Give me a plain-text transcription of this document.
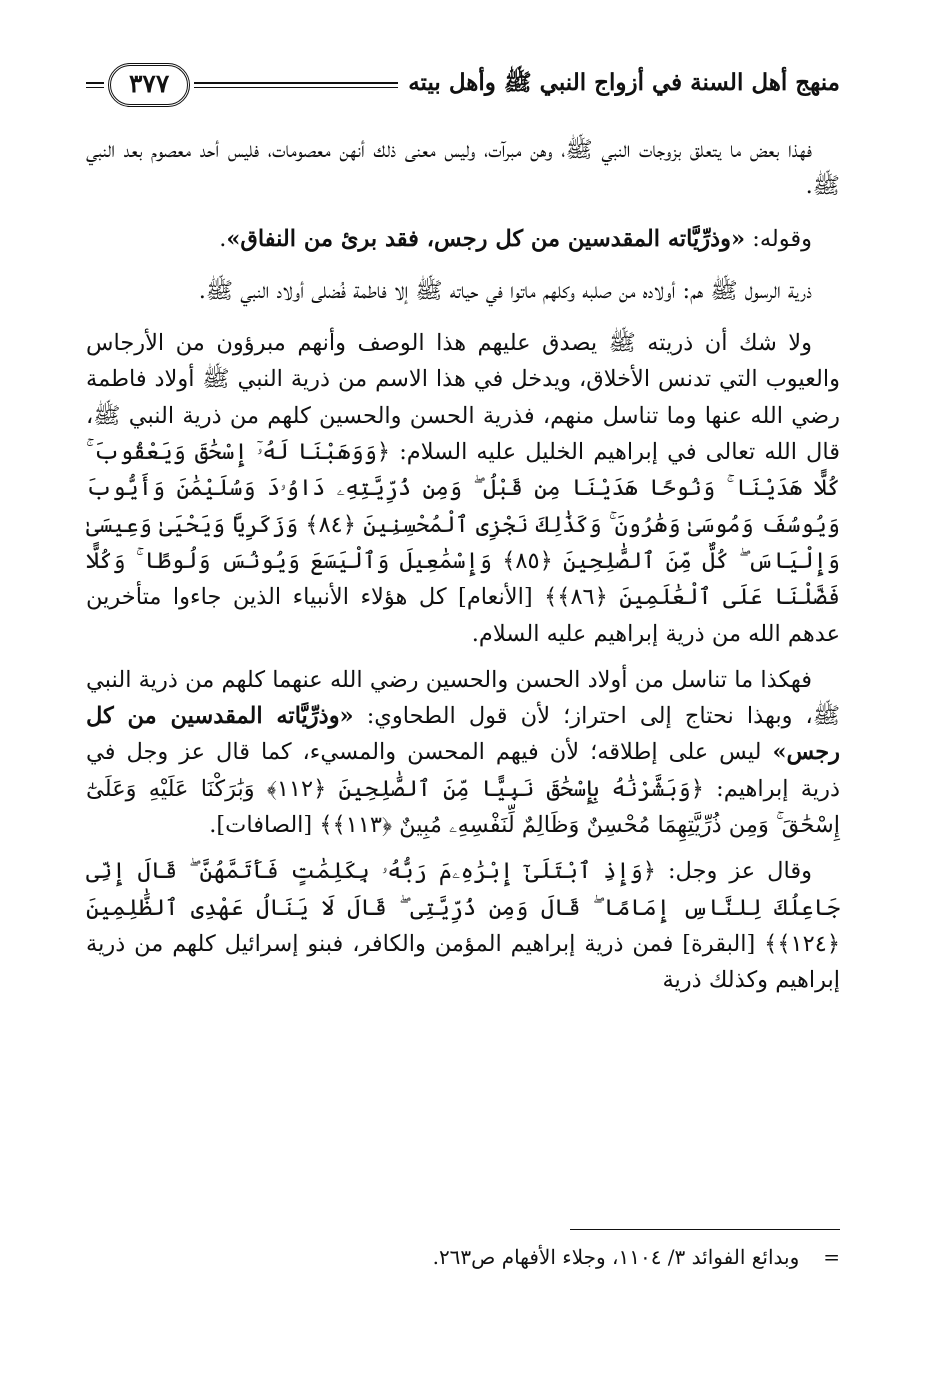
منهج أهل السنة في أزواج النبي ﷺ وأهل بيته
٣٧٧

فهذا بعض ما يتعلق بزوجات النبي ﷺ، وهن مبرآت، وليس معنى ذلك أنهن معصومات، فليس أحد معصوم بعد النبي ﷺ.

وقوله: «وذرِّيَّاته المقدسين من كل رجس، فقد برئ من النفاق».

ذرية الرسول ﷺ هم: أولاده من صلبه وكلهم ماتوا في حياته ﷺ إلا فاطمة فُضلى أولاد النبي ﷺ.

ولا شك أن ذريته ﷺ يصدق عليهم هذا الوصف وأنهم مبرؤون من الأرجاس والعيوب التي تدنس الأخلاق، ويدخل في هذا الاسم من ذرية النبي ﷺ أولاد فاطمة رضي الله عنها وما تناسل منهم، فذرية الحسن والحسين كلهم من ذرية النبي ﷺ، قال الله تعالى في إبراهيم الخليل عليه السلام: ﴿وَوَهَبْنَا لَهُۥٓ إِسْحَٰقَ وَيَعْقُوبَ ۚ كُلًّا هَدَيْنَا ۚ وَنُوحًا هَدَيْنَا مِن قَبْلُ ۖ وَمِن ذُرِّيَّتِهِۦ دَاوُۥدَ وَسُلَيْمَٰنَ وَأَيُّوبَ وَيُوسُفَ وَمُوسَىٰ وَهَٰرُونَ ۚ وَكَذَٰلِكَ نَجْزِى ٱلْمُحْسِنِينَ ﴿٨٤﴾ وَزَكَرِيَّا وَيَحْيَىٰ وَعِيسَىٰ وَإِلْيَاسَ ۖ كُلٌّ مِّنَ ٱلصَّٰلِحِينَ ﴿٨٥﴾ وَإِسْمَٰعِيلَ وَٱلْيَسَعَ وَيُونُسَ وَلُوطًا ۚ وَكُلًّا فَضَّلْنَا عَلَى ٱلْعَٰلَمِينَ ﴿٨٦﴾﴾ [الأنعام] كل هؤلاء الأنبياء الذين جاءوا متأخرين عدهم الله من ذرية إبراهيم عليه السلام.

فهكذا ما تناسل من أولاد الحسن والحسين رضي الله عنهما كلهم من ذرية النبي ﷺ، وبهذا نحتاج إلى احتراز؛ لأن قول الطحاوي: «وذرِّيَّاته المقدسين من كل رجس» ليس على إطلاقه؛ لأن فيهم المحسن والمسيء، كما قال عز وجل في ذرية إبراهيم: ﴿وَبَشَّرْنَٰهُ بِإِسْحَٰقَ نَبِيًّا مِّنَ ٱلصَّٰلِحِينَ ﴿١١٢﴾ وَبَٰرَكْنَا عَلَيْهِ وَعَلَىٰٓ إِسْحَٰقَ ۚ وَمِن ذُرِّيَّتِهِمَا مُحْسِنٌ وَظَالِمٌ لِّنَفْسِهِۦ مُبِينٌ ﴿١١٣﴾﴾ [الصافات].

وقال عز وجل: ﴿وَإِذِ ٱبْتَلَىٰٓ إِبْرَٰهِۦمَ رَبُّهُۥ بِكَلِمَٰتٍ فَأَتَمَّهُنَّ ۖ قَالَ إِنِّى جَاعِلُكَ لِلنَّاسِ إِمَامًا ۖ قَالَ وَمِن ذُرِّيَّتِى ۖ قَالَ لَا يَنَالُ عَهْدِى ٱلظَّٰلِمِينَ ﴿١٢٤﴾﴾ [البقرة] فمن ذرية إبراهيم المؤمن والكافر، فبنو إسرائيل كلهم من ذرية إبراهيم وكذلك ذرية

=وبدائع الفوائد ٣/ ١١٠٤، وجلاء الأفهام ص٢٦٣.
